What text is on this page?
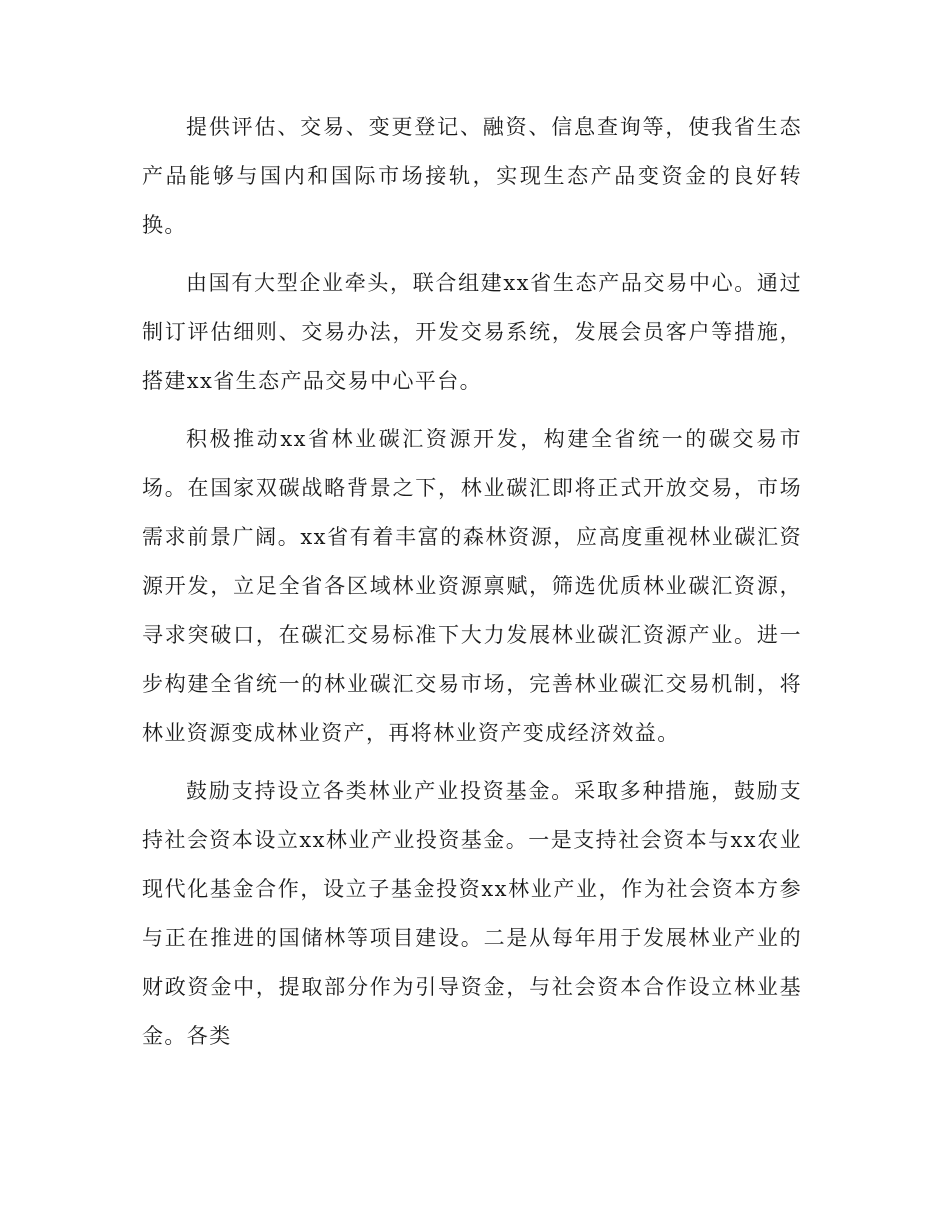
提供评估、交易、变更登记、融资、信息查询等，使我省生态产品能够与国内和国际市场接轨，实现生态产品变资金的良好转换。

由国有大型企业牵头，联合组建xx省生态产品交易中心。通过制订评估细则、交易办法，开发交易系统，发展会员客户等措施，搭建xx省生态产品交易中心平台。

积极推动xx省林业碳汇资源开发，构建全省统一的碳交易市场。在国家双碳战略背景之下，林业碳汇即将正式开放交易，市场需求前景广阔。xx省有着丰富的森林资源，应高度重视林业碳汇资源开发，立足全省各区域林业资源禀赋，筛选优质林业碳汇资源，寻求突破口，在碳汇交易标准下大力发展林业碳汇资源产业。进一步构建全省统一的林业碳汇交易市场，完善林业碳汇交易机制，将林业资源变成林业资产，再将林业资产变成经济效益。

鼓励支持设立各类林业产业投资基金。采取多种措施，鼓励支持社会资本设立xx林业产业投资基金。一是支持社会资本与xx农业现代化基金合作，设立子基金投资xx林业产业，作为社会资本方参与正在推进的国储林等项目建设。二是从每年用于发展林业产业的财政资金中，提取部分作为引导资金，与社会资本合作设立林业基金。各类
